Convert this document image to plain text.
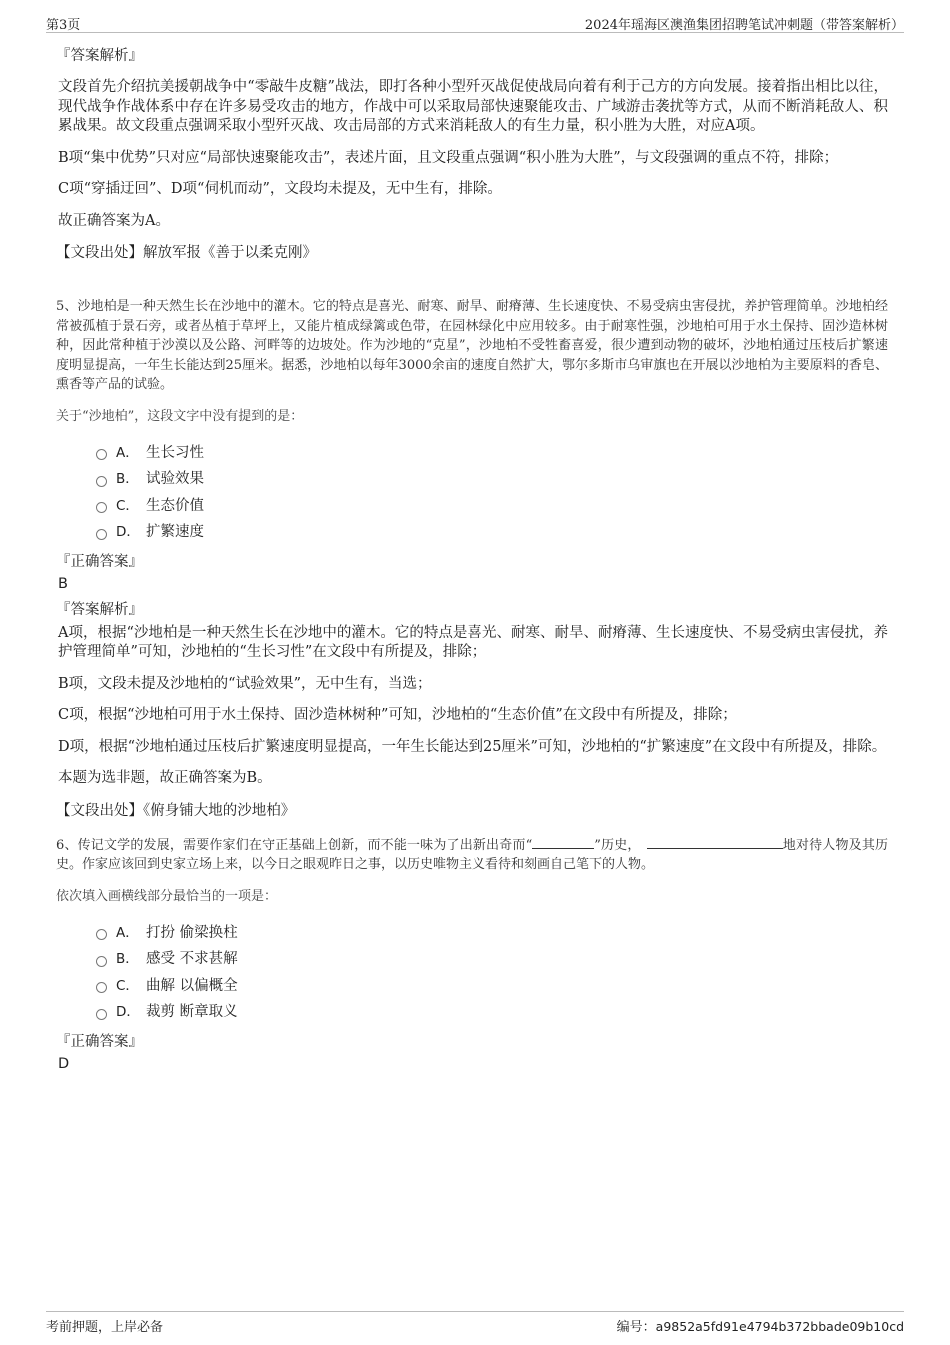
第3页	2024年瑶海区澳渔集团招聘笔试冲刺题（带答案解析）
『答案解析』
文段首先介绍抗美援朝战争中“零敲牛皮糖”战法，即打各种小型歼灭战促使战局向着有利于己方的方向发展。接着指出相比以往，现代战争作战体系中存在许多易受攻击的地方，作战中可以采取局部快速聚能攻击、广域游击袭扰等方式，从而不断消耗敌人、积累战果。故文段重点强调采取小型歼灭战、攻击局部的方式来消耗敌人的有生力量，积小胜为大胜，对应A项。
B项“集中优势”只对应“局部快速聚能攻击”，表述片面，且文段重点强调“积小胜为大胜”，与文段强调的重点不符，排除；
C项“穿插迂回”、D项“伺机而动”，文段均未提及，无中生有，排除。
故正确答案为A。
【文段出处】解放军报《善于以柔克刚》
5、沙地柏是一种天然生长在沙地中的灌木。它的特点是喜光、耐寒、耐旱、耐瘠薄、生长速度快、不易受病虫害侵扰，养护管理简单。沙地柏经常被孤植于景石旁，或者丛植于草坪上，又能片植成绿篱或色带，在园林绿化中应用较多。由于耐寒性强，沙地柏可用于水土保持、固沙造林树种，因此常种植于沙漠以及公路、河畔等的边坡处。作为沙地的“克星”，沙地柏不受牲畜喜爱，很少遭到动物的破坏，沙地柏通过压枝后扩繁速度明显提高，一年生长能达到25厘米。据悉，沙地柏以每年3000余亩的速度自然扩大，鄂尔多斯市乌审旗也在开展以沙地柏为主要原料的香皂、熏香等产品的试验。
关于“沙地柏”，这段文字中没有提到的是：
A． 生长习性
B． 试验效果
C． 生态价值
D． 扩繁速度
『正确答案』
B
『答案解析』
A项，根据“沙地柏是一种天然生长在沙地中的灌木。它的特点是喜光、耐寒、耐旱、耐瘠薄、生长速度快、不易受病虫害侵扰，养护管理简单”可知，沙地柏的“生长习性”在文段中有所提及，排除；
B项，文段未提及沙地柏的“试验效果”，无中生有，当选；
C项，根据“沙地柏可用于水土保持、固沙造林树种”可知，沙地柏的“生态价值”在文段中有所提及，排除；
D项，根据“沙地柏通过压枝后扩繁速度明显提高，一年生长能达到25厘米”可知，沙地柏的“扩繁速度”在文段中有所提及，排除。
本题为选非题，故正确答案为B。
【文段出处】《俯身铺大地的沙地柏》
6、传记文学的发展，需要作家们在守正基础上创新，而不能一味为了出新出奇而“	”历史，	地对待人物及其历史。作家应该回到史家立场上来，以今日之眼观昨日之事，以历史唯物主义看待和刻画自己笔下的人物。
依次填入画横线部分最恰当的一项是：
A． 打扮 偷梁换柱
B． 感受 不求甚解
C． 曲解 以偏概全
D． 裁剪 断章取义
『正确答案』
D
考前押题，上岸必备	编号：a9852a5fd91e4794b372bbade09b10cd
